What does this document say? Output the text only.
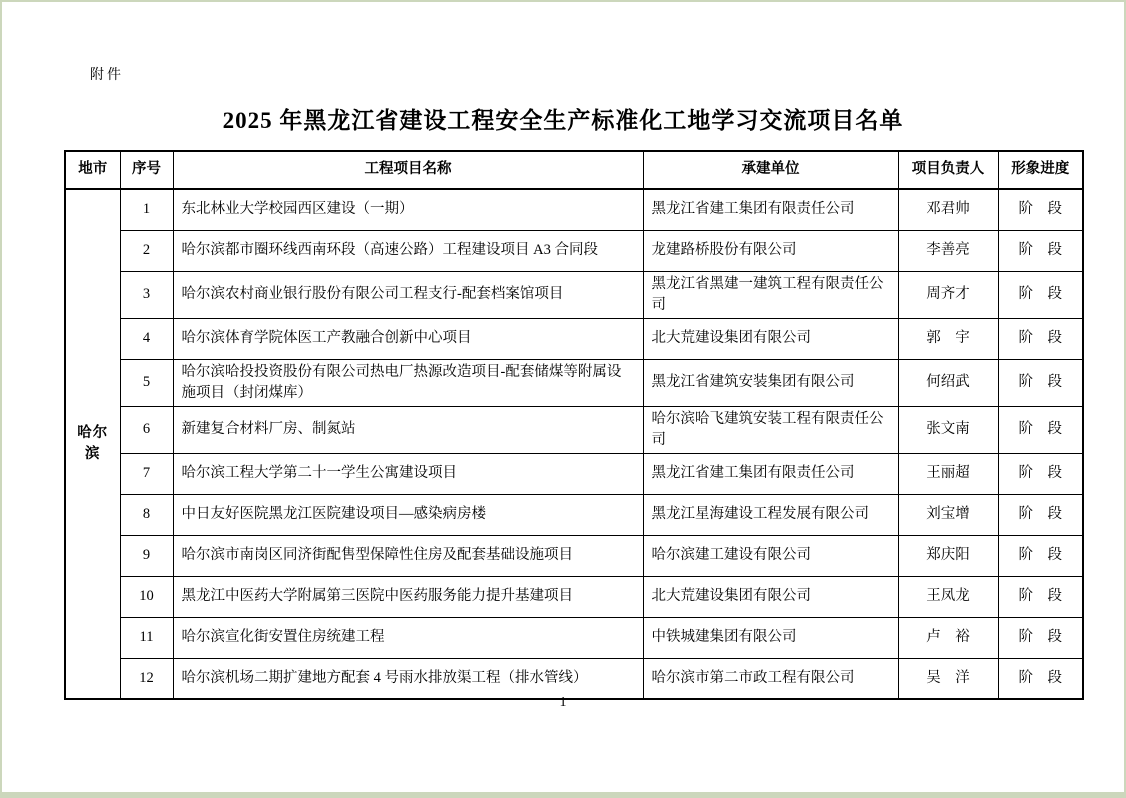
附件
2025 年黑龙江省建设工程安全生产标准化工地学习交流项目名单
地市	序号	工程项目名称	承建单位	项目负责人	形象进度
哈尔滨	1	东北林业大学校园西区建设（一期）	黑龙江省建工集团有限责任公司	邓君帅	阶　段
	2	哈尔滨都市圈环线西南环段（高速公路）工程建设项目 A3 合同段	龙建路桥股份有限公司	李善亮	阶　段
	3	哈尔滨农村商业银行股份有限公司工程支行-配套档案馆项目	黑龙江省黑建一建筑工程有限责任公司	周齐才	阶　段
	4	哈尔滨体育学院体医工产教融合创新中心项目	北大荒建设集团有限公司	郭　宇	阶　段
	5	哈尔滨哈投投资股份有限公司热电厂热源改造项目-配套储煤等附属设施项目（封闭煤库）	黑龙江省建筑安装集团有限公司	何绍武	阶　段
	6	新建复合材料厂房、制氮站	哈尔滨哈飞建筑安装工程有限责任公司	张文南	阶　段
	7	哈尔滨工程大学第二十一学生公寓建设项目	黑龙江省建工集团有限责任公司	王丽超	阶　段
	8	中日友好医院黑龙江医院建设项目—感染病房楼	黑龙江星海建设工程发展有限公司	刘宝增	阶　段
	9	哈尔滨市南岗区同济街配售型保障性住房及配套基础设施项目	哈尔滨建工建设有限公司	郑庆阳	阶　段
	10	黑龙江中医药大学附属第三医院中医药服务能力提升基建项目	北大荒建设集团有限公司	王凤龙	阶　段
	11	哈尔滨宣化街安置住房统建工程	中铁城建集团有限公司	卢　裕	阶　段
	12	哈尔滨机场二期扩建地方配套 4 号雨水排放渠工程（排水管线）	哈尔滨市第二市政工程有限公司	吴　洋	阶　段
1
